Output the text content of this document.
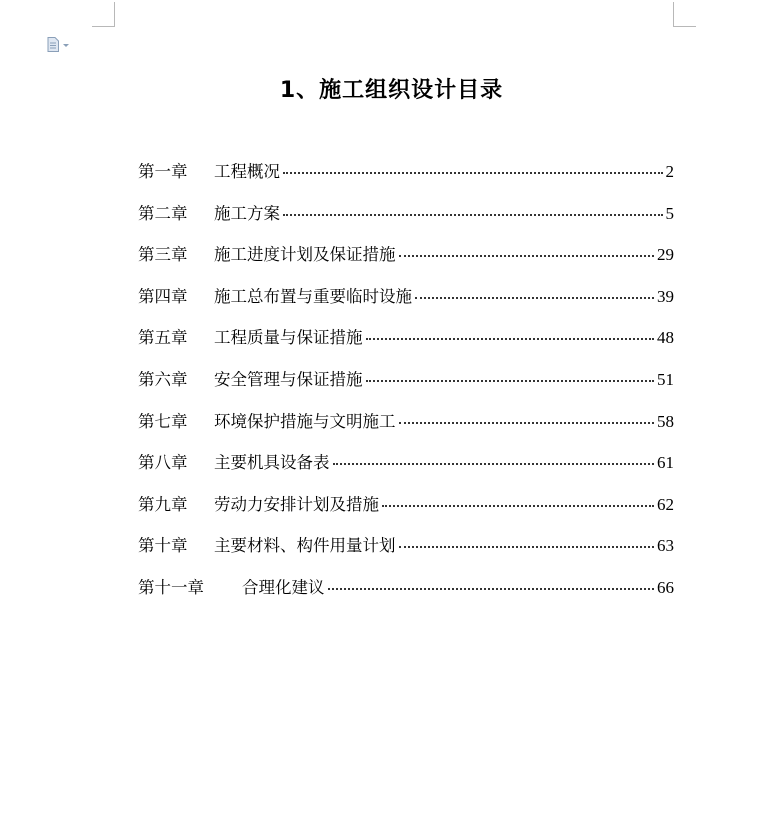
1、施工组织设计目录
第一章 工程概况	2
第二章 施工方案	5
第三章 施工进度计划及保证措施	29
第四章 施工总布置与重要临时设施	39
第五章 工程质量与保证措施	48
第六章 安全管理与保证措施	51
第七章 环境保护措施与文明施工	58
第八章 主要机具设备表	61
第九章 劳动力安排计划及措施	62
第十章 主要材料、构件用量计划	63
第十一章 合理化建议	66
